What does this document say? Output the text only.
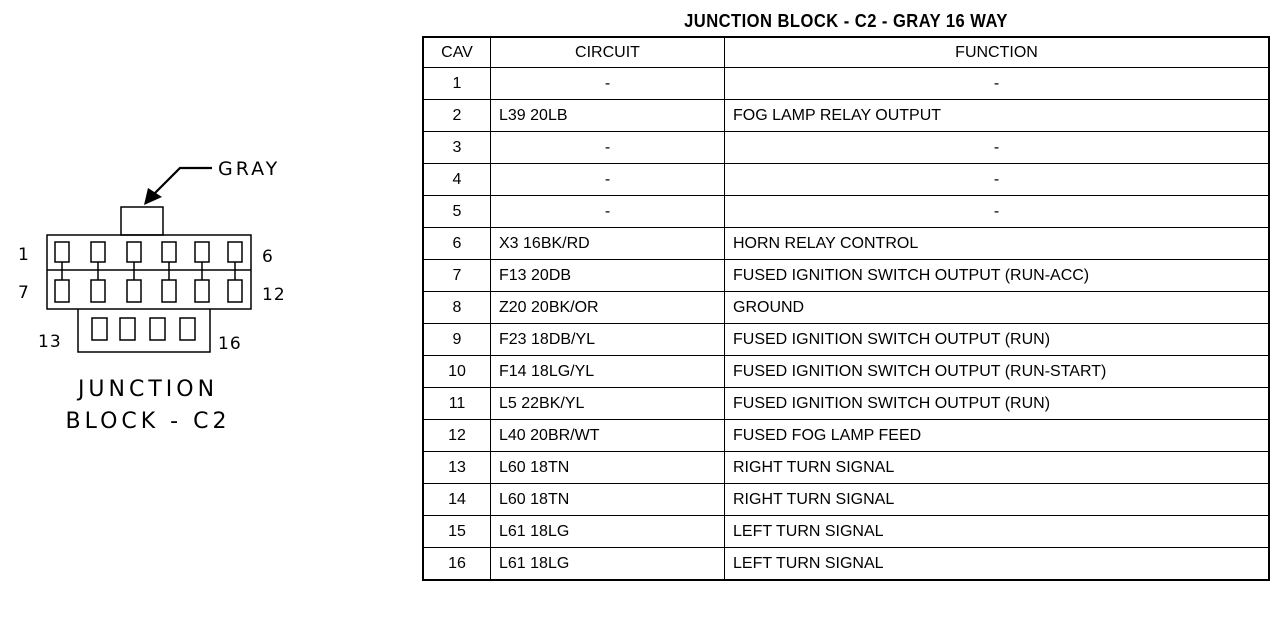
GRAY
1	6
7	12
13	16
JUNCTION
BLOCK - C2
JUNCTION BLOCK - C2 - GRAY 16 WAY
CAV	CIRCUIT	FUNCTION
1	-	-
2	L39 20LB	FOG LAMP RELAY OUTPUT
3	-	-
4	-	-
5	-	-
6	X3 16BK/RD	HORN RELAY CONTROL
7	F13 20DB	FUSED IGNITION SWITCH OUTPUT (RUN-ACC)
8	Z20 20BK/OR	GROUND
9	F23 18DB/YL	FUSED IGNITION SWITCH OUTPUT (RUN)
10	F14 18LG/YL	FUSED IGNITION SWITCH OUTPUT (RUN-START)
11	L5 22BK/YL	FUSED IGNITION SWITCH OUTPUT (RUN)
12	L40 20BR/WT	FUSED FOG LAMP FEED
13	L60 18TN	RIGHT TURN SIGNAL
14	L60 18TN	RIGHT TURN SIGNAL
15	L61 18LG	LEFT TURN SIGNAL
16	L61 18LG	LEFT TURN SIGNAL
